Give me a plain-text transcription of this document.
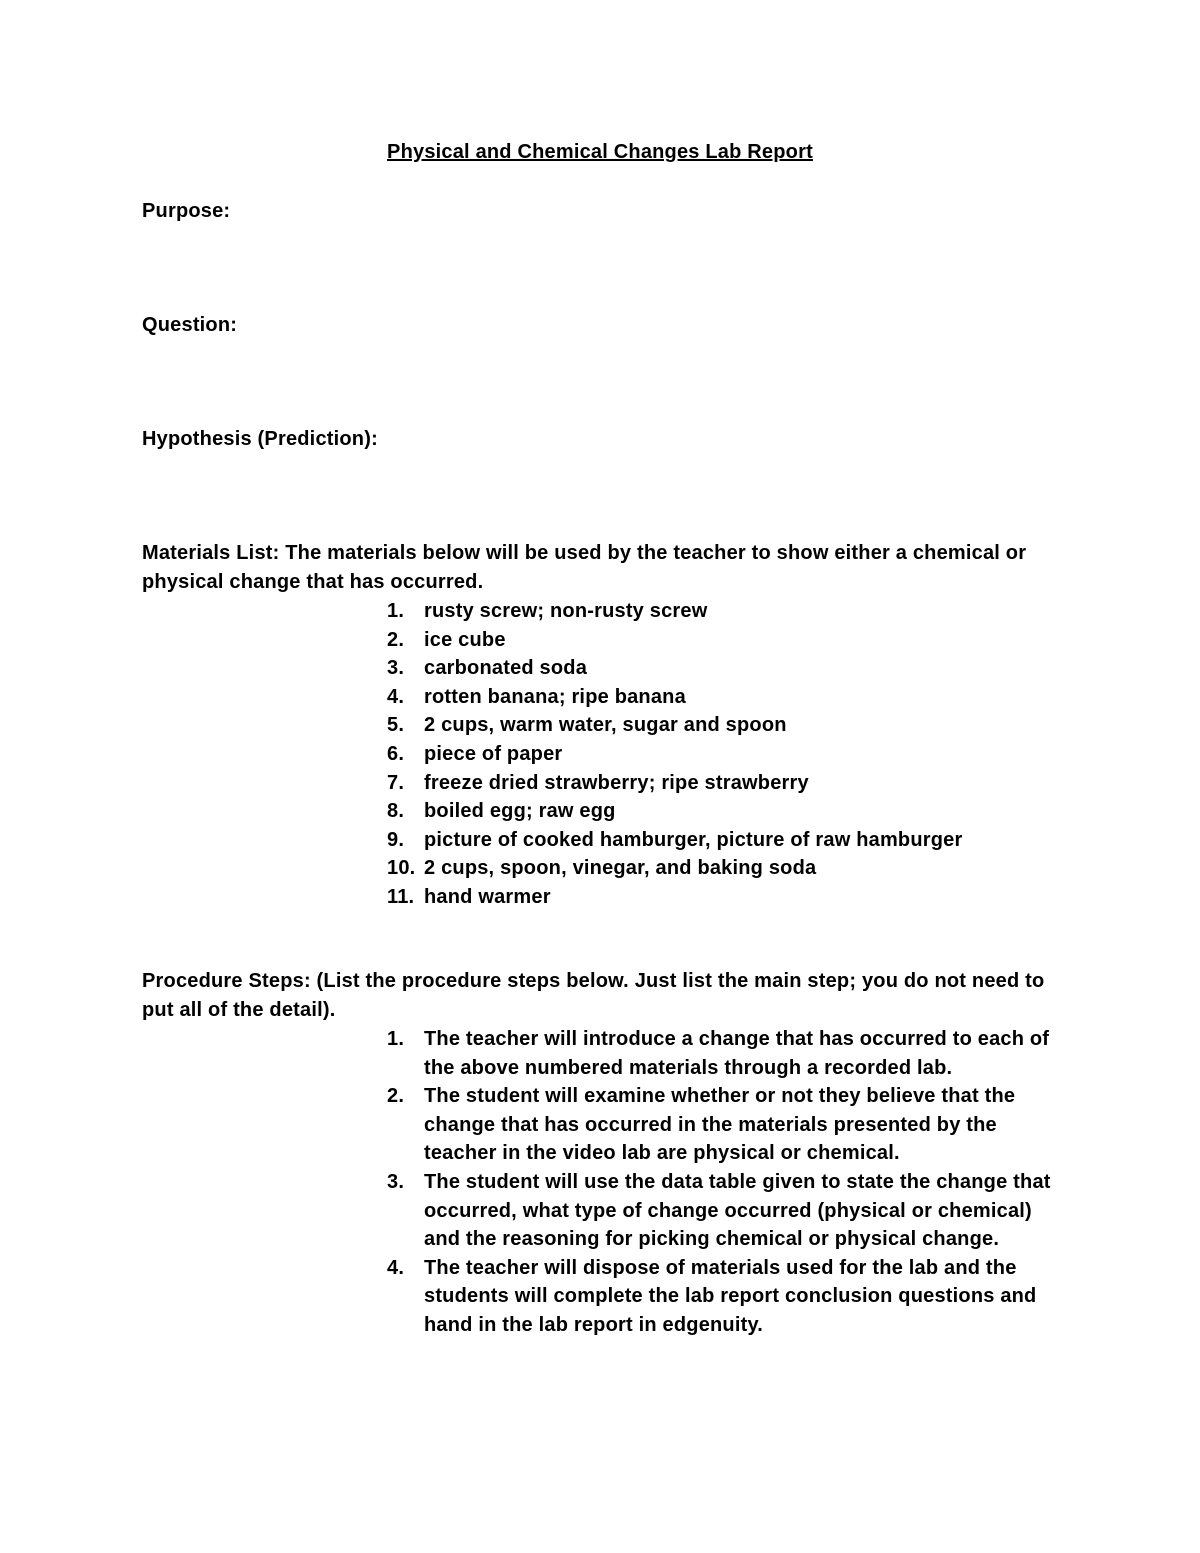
Physical and Chemical Changes Lab Report
Purpose:
Question:
Hypothesis (Prediction):
Materials List: The materials below will be used by the teacher to show either a chemical or physical change that has occurred.
1. rusty screw; non-rusty screw
2. ice cube
3. carbonated soda
4. rotten banana; ripe banana
5. 2 cups, warm water, sugar and spoon
6. piece of paper
7. freeze dried strawberry; ripe strawberry
8. boiled egg; raw egg
9. picture of cooked hamburger, picture of raw hamburger
10. 2 cups, spoon, vinegar, and baking soda
11. hand warmer
Procedure Steps: (List the procedure steps below. Just list the main step; you do not need to put all of the detail).
1. The teacher will introduce a change that has occurred to each of the above numbered materials through a recorded lab.
2. The student will examine whether or not they believe that the change that has occurred in the materials presented by the teacher in the video lab are physical or chemical.
3. The student will use the data table given to state the change that occurred, what type of change occurred (physical or chemical) and the reasoning for picking chemical or physical change.
4. The teacher will dispose of materials used for the lab and the students will complete the lab report conclusion questions and hand in the lab report in edgenuity.
